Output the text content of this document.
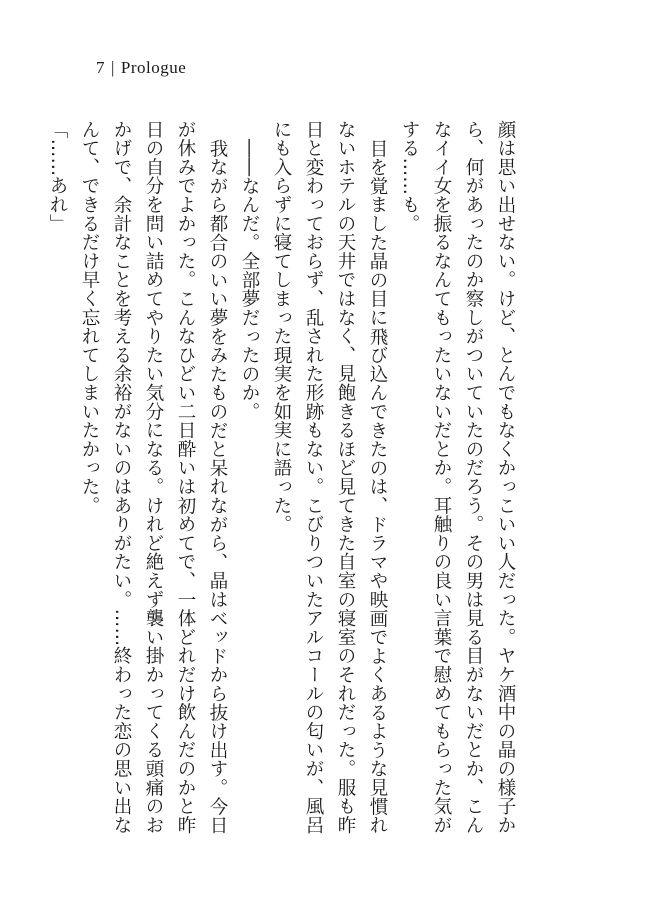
7 | Prologue

顔は思い出せない。けど、とんでもなくかっこいい人だった。ヤケ酒中の晶の様子から、何があったのか察しがついていたのだろう。その男は見る目がないだとか、こんなイイ女を振るなんてもったいないだとか。耳触りの良い言葉で慰めてもらった気がする……も。

目を覚ました晶の目に飛び込んできたのは、ドラマや映画でよくあるような見慣れないホテルの天井ではなく、見飽きるほど見てきた自室の寝室のそれだった。服も昨日と変わっておらず、乱された形跡もない。こびりついたアルコールの匂いが、風呂にも入らずに寝てしまった現実を如実に語った。

――なんだ。全部夢だったのか。

我ながら都合のいい夢をみたものだと呆れながら、晶はベッドから抜け出す。今日が休みでよかった。こんなひどい二日酔いは初めてで、一体どれだけ飲んだのかと昨日の自分を問い詰めてやりたい気分になる。けれど絶えず襲い掛かってくる頭痛のおかげで、余計なことを考える余裕がないのはありがたい。……終わった恋の思い出なんて、できるだけ早く忘れてしまいたかった。

「……あれ」
